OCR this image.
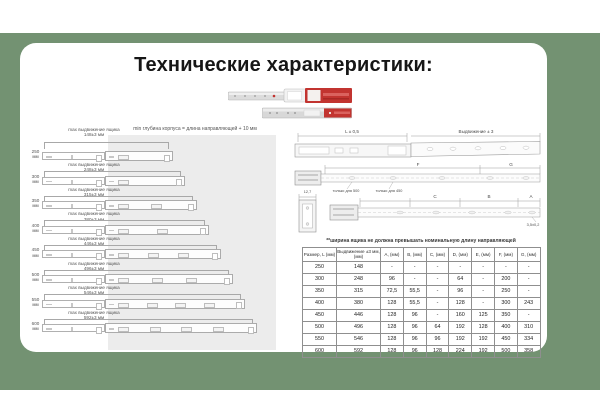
Технические характеристики:
min глубина корпуса = длина направляющей + 10 мм
250
мм
max выдвижение ящика
148±3 мм
300
мм
max выдвижение ящика
248±3 мм
350
мм
max выдвижение ящика
315±3 мм
400
мм
max выдвижение ящика
380±3 мм
450
мм
max выдвижение ящика
446±3 мм
500
мм
max выдвижение ящика
496±3 мм
550
мм
max выдвижение ящика
546±3 мм
600
мм
max выдвижение ящика
592±3 мм
L ± 0,5	Выдвижение ± 3
F	G
только для 500	только для 450
12,7
C	B	A
3,5±0,2
**ширина ящика не должна превышать номинальную длину направляющей
Размер, L (мм)	Выдвижение ±3 мм, (мм)	A, (мм)	B, (мм)	C, (мм)	D, (мм)	E, (мм)	F, (мм)	G, (мм)
250	148	-	-	-	-	-	-	-
300	248	96	-	-	64	-	200	-
350	315	72,5	55,5	-	96	-	250	-
400	380	128	55,5	-	128	-	300	243
450	446	128	96	-	160	125	350	-
500	496	128	96	64	192	128	400	310
550	546	128	96	96	192	192	450	334
600	592	128	96	128	224	192	500	358
